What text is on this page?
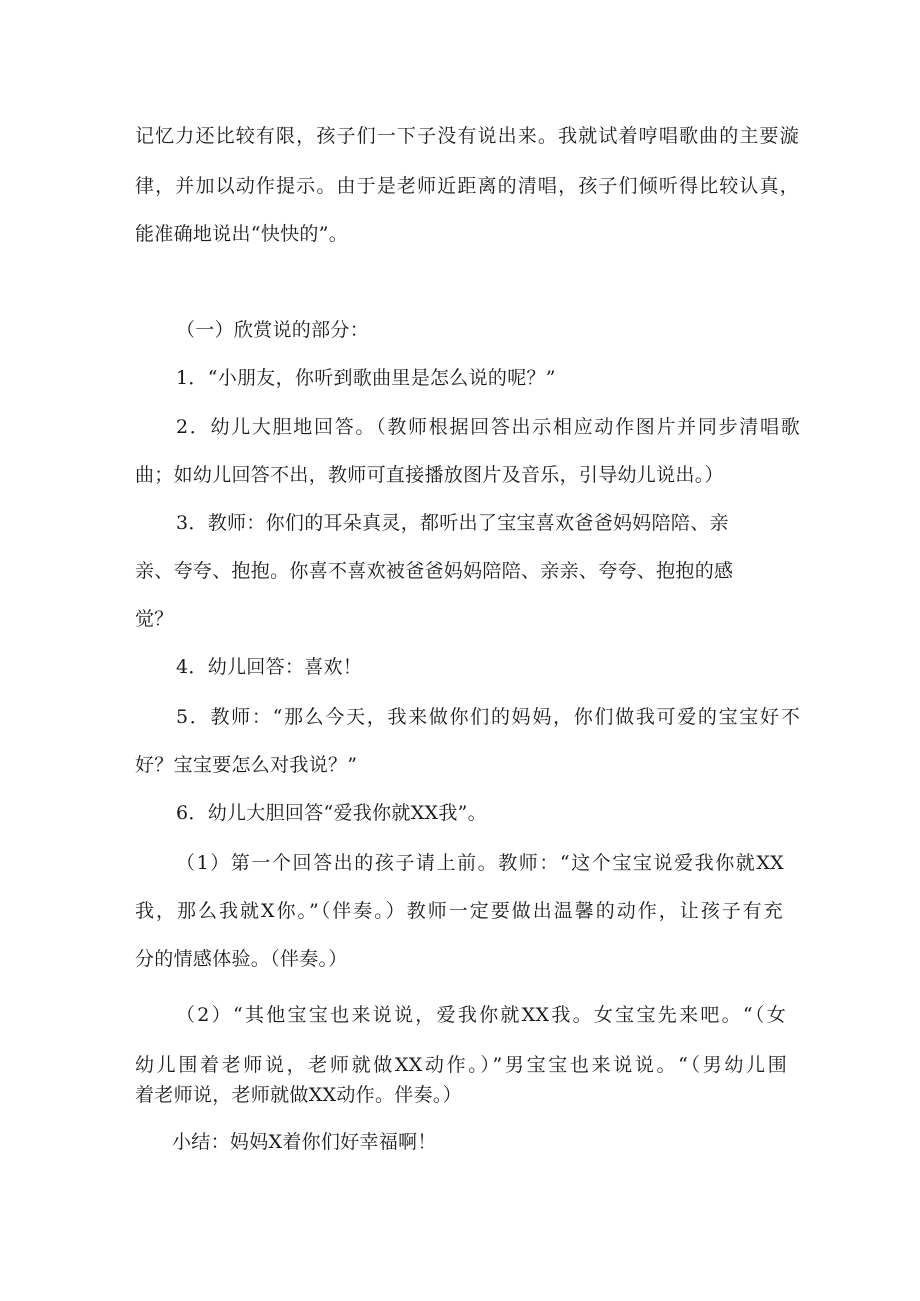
记忆力还比较有限，孩子们一下子没有说出来。我就试着哼唱歌曲的主要漩
律，并加以动作提示。由于是老师近距离的清唱，孩子们倾听得比较认真，
能准确地说出“快快的”。
（一）欣赏说的部分：
1．“小朋友，你听到歌曲里是怎么说的呢？”
2．幼儿大胆地回答。（教师根据回答出示相应动作图片并同步清唱歌
曲；如幼儿回答不出，教师可直接播放图片及音乐，引导幼儿说出。）
3．教师：你们的耳朵真灵，都听出了宝宝喜欢爸爸妈妈陪陪、亲
亲、夸夸、抱抱。你喜不喜欢被爸爸妈妈陪陪、亲亲、夸夸、抱抱的感
觉？
4．幼儿回答：喜欢！
5．教师：“那么今天，我来做你们的妈妈，你们做我可爱的宝宝好不
好？宝宝要怎么对我说？”
6．幼儿大胆回答“爱我你就XX我”。
（1）第一个回答出的孩子请上前。教师：“这个宝宝说爱我你就XX
我，那么我就X你。”（伴奏。）教师一定要做出温馨的动作，让孩子有充
分的情感体验。（伴奏。）
（2）“其他宝宝也来说说，爱我你就XX我。女宝宝先来吧。“（女
幼儿围着老师说，老师就做XX动作。）”男宝宝也来说说。“（男幼儿围
着老师说，老师就做XX动作。伴奏。）
小结：妈妈X着你们好幸福啊！
